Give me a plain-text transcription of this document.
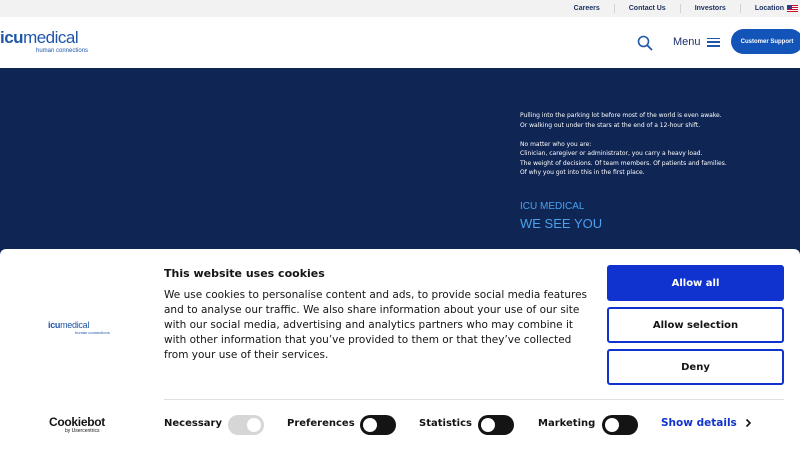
Careers	Contact Us	Investors	Location
icumedical
human connections
Menu	Customer Support

Pulling into the parking lot before most of the world is even awake.

Or walking out under the stars at the end of a 12-hour shift.

No matter who you are:

Clinician, caregiver or administrator, you carry a heavy load.

The weight of decisions. Of team members. Of patients and families.

Of why you got into this in the first place.

ICU MEDICAL
WE SEE YOU
icumedical
human connections
This website uses cookies
We use cookies to personalise content and ads, to provide social media features and to analyse our traffic. We also share information about your use of our site with our social media, advertising and analytics partners who may combine it with other information that you’ve provided to them or that they’ve collected from your use of their services.
Allow all
Allow selection
Deny
Cookiebot
by Usercentrics
Necessary	Preferences	Statistics	Marketing	Show details
